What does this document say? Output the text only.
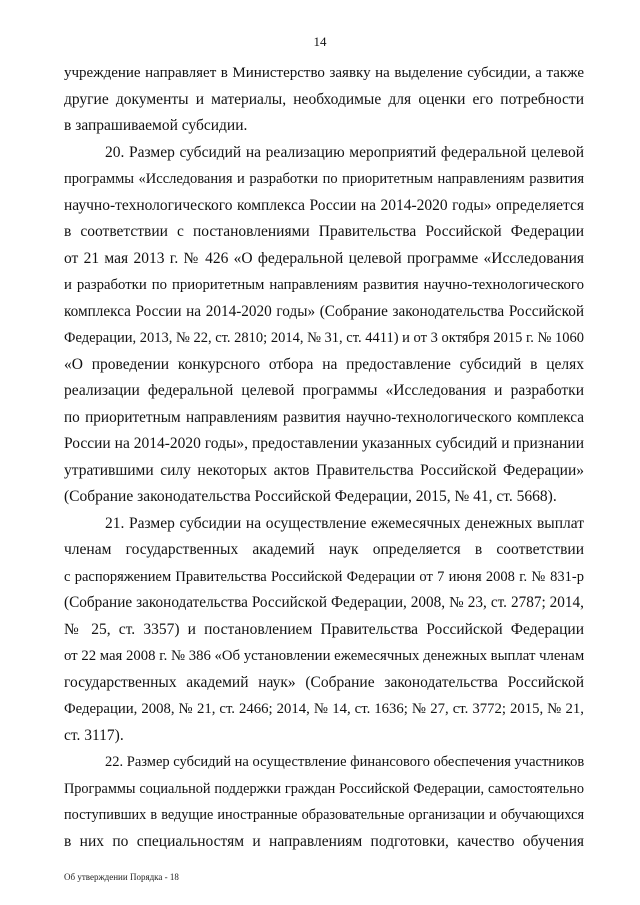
14
учреждение направляет в Министерство заявку на выделение субсидии, а также
другие документы и материалы, необходимые для оценки его потребности
в запрашиваемой субсидии.
20. Размер субсидий на реализацию мероприятий федеральной целевой
программы «Исследования и разработки по приоритетным направлениям развития
научно-технологического комплекса России на 2014-2020 годы» определяется
в соответствии с постановлениями Правительства Российской Федерации
от 21 мая 2013 г. № 426 «О федеральной целевой программе «Исследования
и разработки по приоритетным направлениям развития научно-технологического
комплекса России на 2014-2020 годы» (Собрание законодательства Российской
Федерации, 2013, № 22, ст. 2810; 2014, № 31, ст. 4411) и от 3 октября 2015 г. № 1060
«О проведении конкурсного отбора на предоставление субсидий в целях
реализации федеральной целевой программы «Исследования и разработки
по приоритетным направлениям развития научно-технологического комплекса
России на 2014-2020 годы», предоставлении указанных субсидий и признании
утратившими силу некоторых актов Правительства Российской Федерации»
(Собрание законодательства Российской Федерации, 2015, № 41, ст. 5668).
21. Размер субсидии на осуществление ежемесячных денежных выплат
членам государственных академий наук определяется в соответствии
с распоряжением Правительства Российской Федерации от 7 июня 2008 г. № 831-р
(Собрание законодательства Российской Федерации, 2008, № 23, ст. 2787; 2014,
№ 25, ст. 3357) и постановлением Правительства Российской Федерации
от 22 мая 2008 г. № 386 «Об установлении ежемесячных денежных выплат членам
государственных академий наук» (Собрание законодательства Российской
Федерации, 2008, № 21, ст. 2466; 2014, № 14, ст. 1636; № 27, ст. 3772; 2015, № 21,
ст. 3117).
22. Размер субсидий на осуществление финансового обеспечения участников
Программы социальной поддержки граждан Российской Федерации, самостоятельно
поступивших в ведущие иностранные образовательные организации и обучающихся
в них по специальностям и направлениям подготовки, качество обучения
Об утверждении Порядка - 18
